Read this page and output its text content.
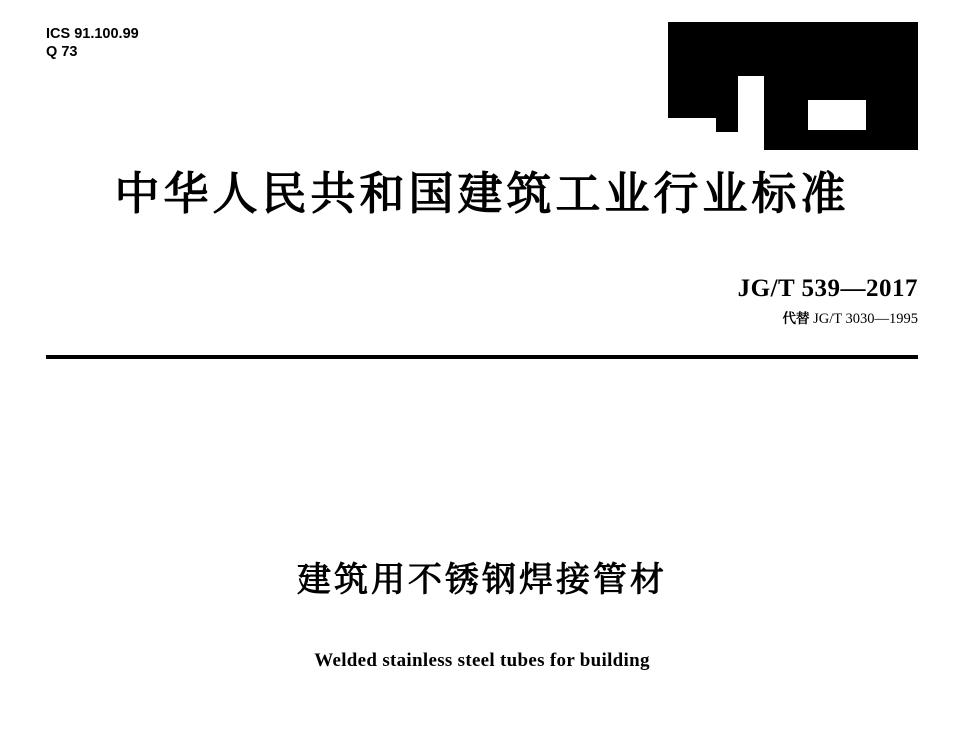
ICS 91.100.99
Q 73
中华人民共和国建筑工业行业标准
JG/T 539—2017
代替 JG/T 3030—1995
建筑用不锈钢焊接管材
Welded stainless steel tubes for building
